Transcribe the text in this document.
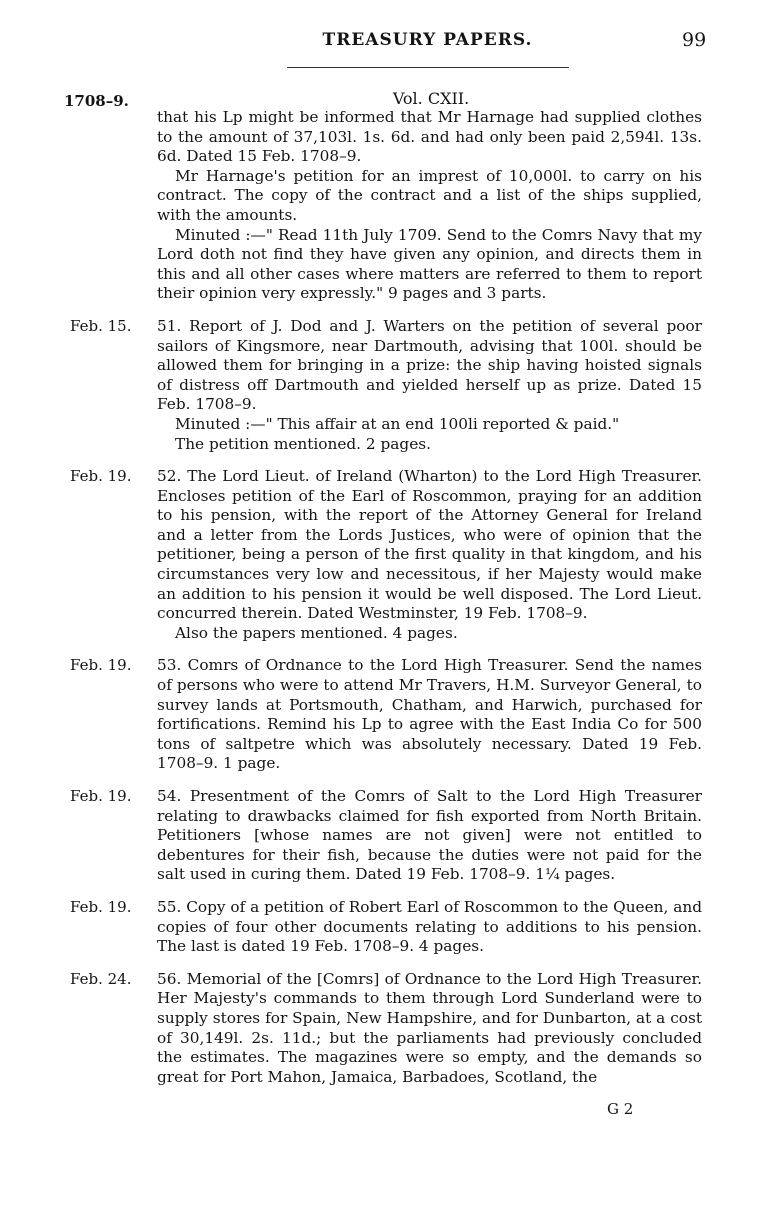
TREASURY PAPERS.	99
1708–9.	Vol. CXII.

that his Lp might be informed that Mr Harnage had supplied clothes to the amount of 37,103l. 1s. 6d. and had only been paid 2,594l. 13s. 6d. Dated 15 Feb. 1708–9.

Mr Harnage's petition for an imprest of 10,000l. to carry on his contract. The copy of the contract and a list of the ships supplied, with the amounts.

Minuted :—" Read 11th July 1709. Send to the Comrs Navy that my Lord doth not find they have given any opinion, and directs them in this and all other cases where matters are referred to them to report their opinion very expressly." 9 pages and 3 parts.

Feb. 15. 51. Report of J. Dod and J. Warters on the petition of several poor sailors of Kingsmore, near Dartmouth, advising that 100l. should be allowed them for bringing in a prize: the ship having hoisted signals of distress off Dartmouth and yielded herself up as prize. Dated 15 Feb. 1708–9.

Minuted :—" This affair at an end 100li reported & paid."

The petition mentioned. 2 pages.

Feb. 19. 52. The Lord Lieut. of Ireland (Wharton) to the Lord High Treasurer. Encloses petition of the Earl of Roscommon, praying for an addition to his pension, with the report of the Attorney General for Ireland and a letter from the Lords Justices, who were of opinion that the petitioner, being a person of the first quality in that kingdom, and his circumstances very low and necessitous, if her Majesty would make an addition to his pension it would be well disposed. The Lord Lieut. concurred therein. Dated Westminster, 19 Feb. 1708–9.

Also the papers mentioned. 4 pages.

Feb. 19. 53. Comrs of Ordnance to the Lord High Treasurer. Send the names of persons who were to attend Mr Travers, H.M. Surveyor General, to survey lands at Portsmouth, Chatham, and Harwich, purchased for fortifications. Remind his Lp to agree with the East India Co for 500 tons of saltpetre which was absolutely necessary. Dated 19 Feb. 1708–9. 1 page.

Feb. 19. 54. Presentment of the Comrs of Salt to the Lord High Treasurer relating to drawbacks claimed for fish exported from North Britain. Petitioners [whose names are not given] were not entitled to debentures for their fish, because the duties were not paid for the salt used in curing them. Dated 19 Feb. 1708–9. 1¼ pages.

Feb. 19. 55. Copy of a petition of Robert Earl of Roscommon to the Queen, and copies of four other documents relating to additions to his pension. The last is dated 19 Feb. 1708–9. 4 pages.

Feb. 24. 56. Memorial of the [Comrs] of Ordnance to the Lord High Treasurer. Her Majesty's commands to them through Lord Sunderland were to supply stores for Spain, New Hampshire, and for Dunbarton, at a cost of 30,149l. 2s. 11d.; but the parliaments had previously concluded the estimates. The magazines were so empty, and the demands so great for Port Mahon, Jamaica, Barbadoes, Scotland, the

G 2
